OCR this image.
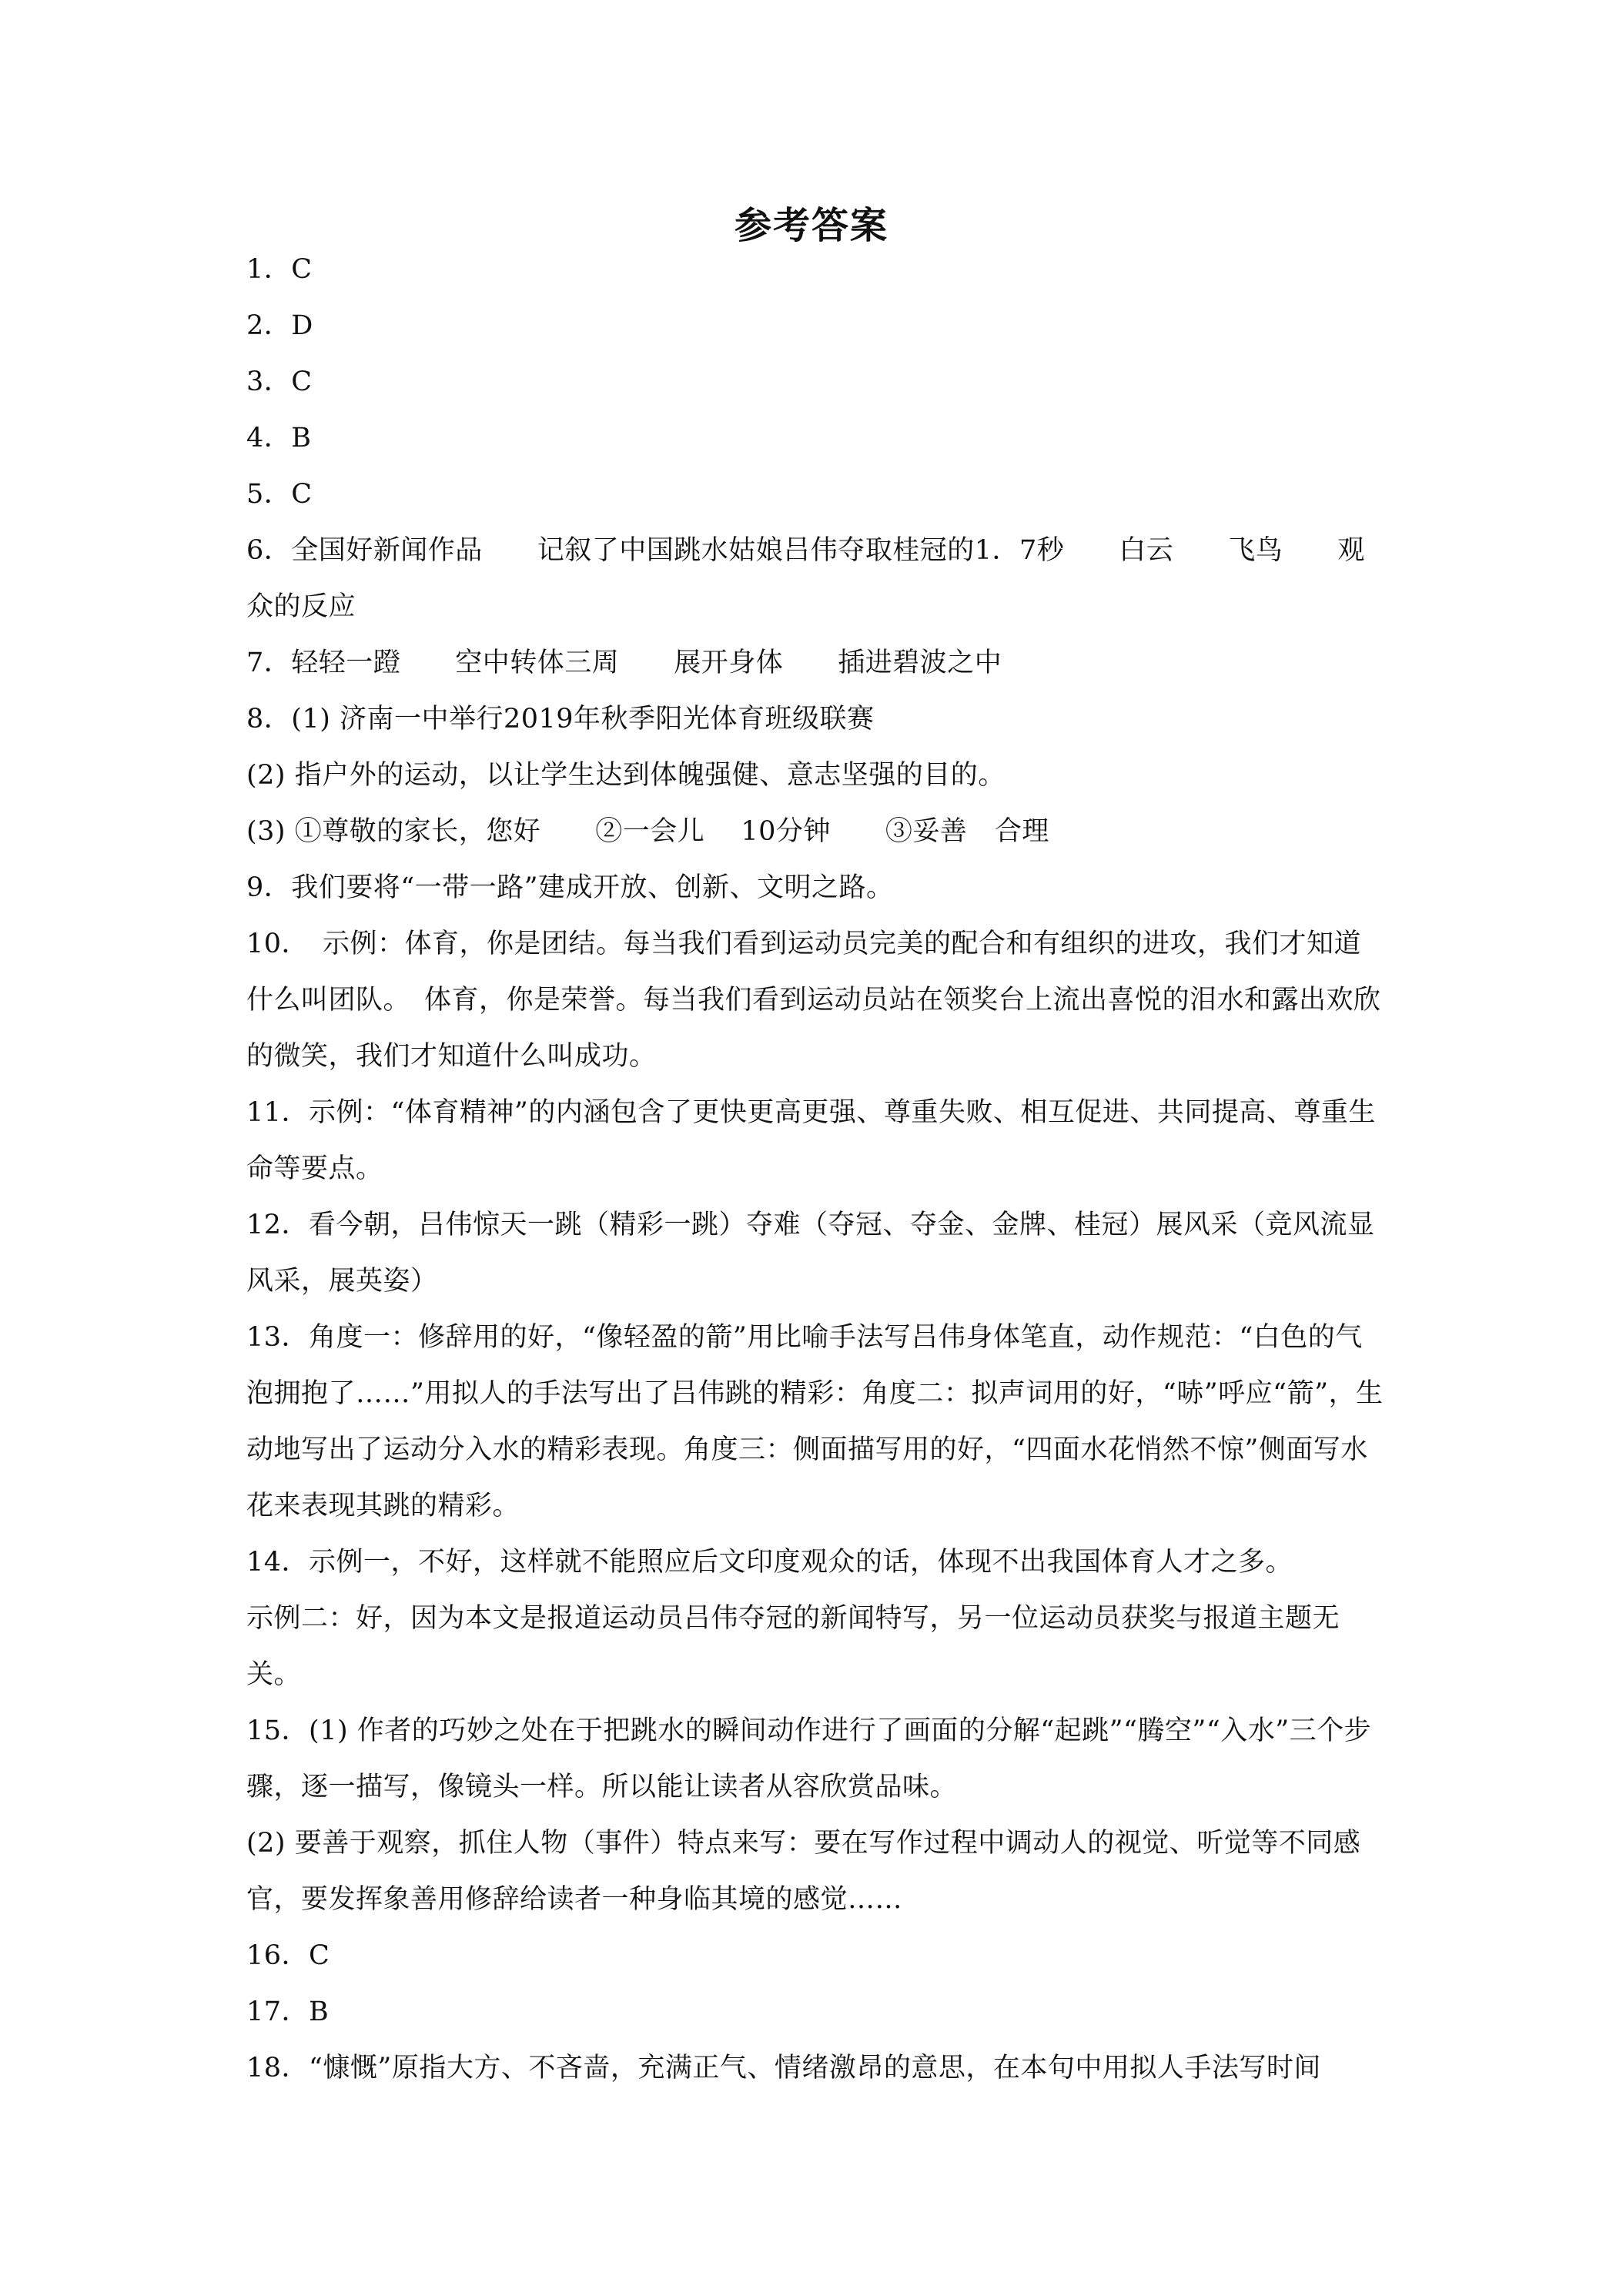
参考答案

1．C

2．D

3．C

4．B

5．C

6．全国好新闻作品　　记叙了中国跳水姑娘吕伟夺取桂冠的1．7秒　　白云　　飞鸟　　观众的反应

7．轻轻一蹬　　空中转体三周　　展开身体　　插进碧波之中

8．(1) 济南一中举行2019年秋季阳光体育班级联赛

(2) 指户外的运动，以让学生达到体魄强健、意志坚强的目的。

(3) ①尊敬的家长，您好　　②一会儿　 10分钟　　③妥善　合理

9．我们要将“一带一路”建成开放、创新、文明之路。

10．　示例：体育，你是团结。每当我们看到运动员完美的配合和有组织的进攻，我们才知道什么叫团队。　体育，你是荣誉。每当我们看到运动员站在领奖台上流出喜悦的泪水和露出欢欣的微笑，我们才知道什么叫成功。

11．示例：“体育精神”的内涵包含了更快更高更强、尊重失败、相互促进、共同提高、尊重生命等要点。

12．看今朝，吕伟惊天一跳（精彩一跳）夺难（夺冠、夺金、金牌、桂冠）展风采（竞风流显风采，展英姿）

13．角度一：修辞用的好，“像轻盈的箭”用比喻手法写吕伟身体笔直，动作规范：“白色的气泡拥抱了……”用拟人的手法写出了吕伟跳的精彩：角度二：拟声词用的好，“哧”呼应“箭”，生动地写出了运动分入水的精彩表现。角度三：侧面描写用的好，“四面水花悄然不惊”侧面写水花来表现其跳的精彩。

14．示例一，不好，这样就不能照应后文印度观众的话，体现不出我国体育人才之多。

示例二：好，因为本文是报道运动员吕伟夺冠的新闻特写，另一位运动员获奖与报道主题无关。

15．(1) 作者的巧妙之处在于把跳水的瞬间动作进行了画面的分解“起跳”“腾空”“入水”三个步骤，逐一描写，像镜头一样。所以能让读者从容欣赏品味。

(2) 要善于观察，抓住人物（事件）特点来写：要在写作过程中调动人的视觉、听觉等不同感官，要发挥象善用修辞给读者一种身临其境的感觉……

16．C

17．B

18．“慷慨”原指大方、不吝啬，充满正气、情绪激昂的意思，在本句中用拟人手法写时间
